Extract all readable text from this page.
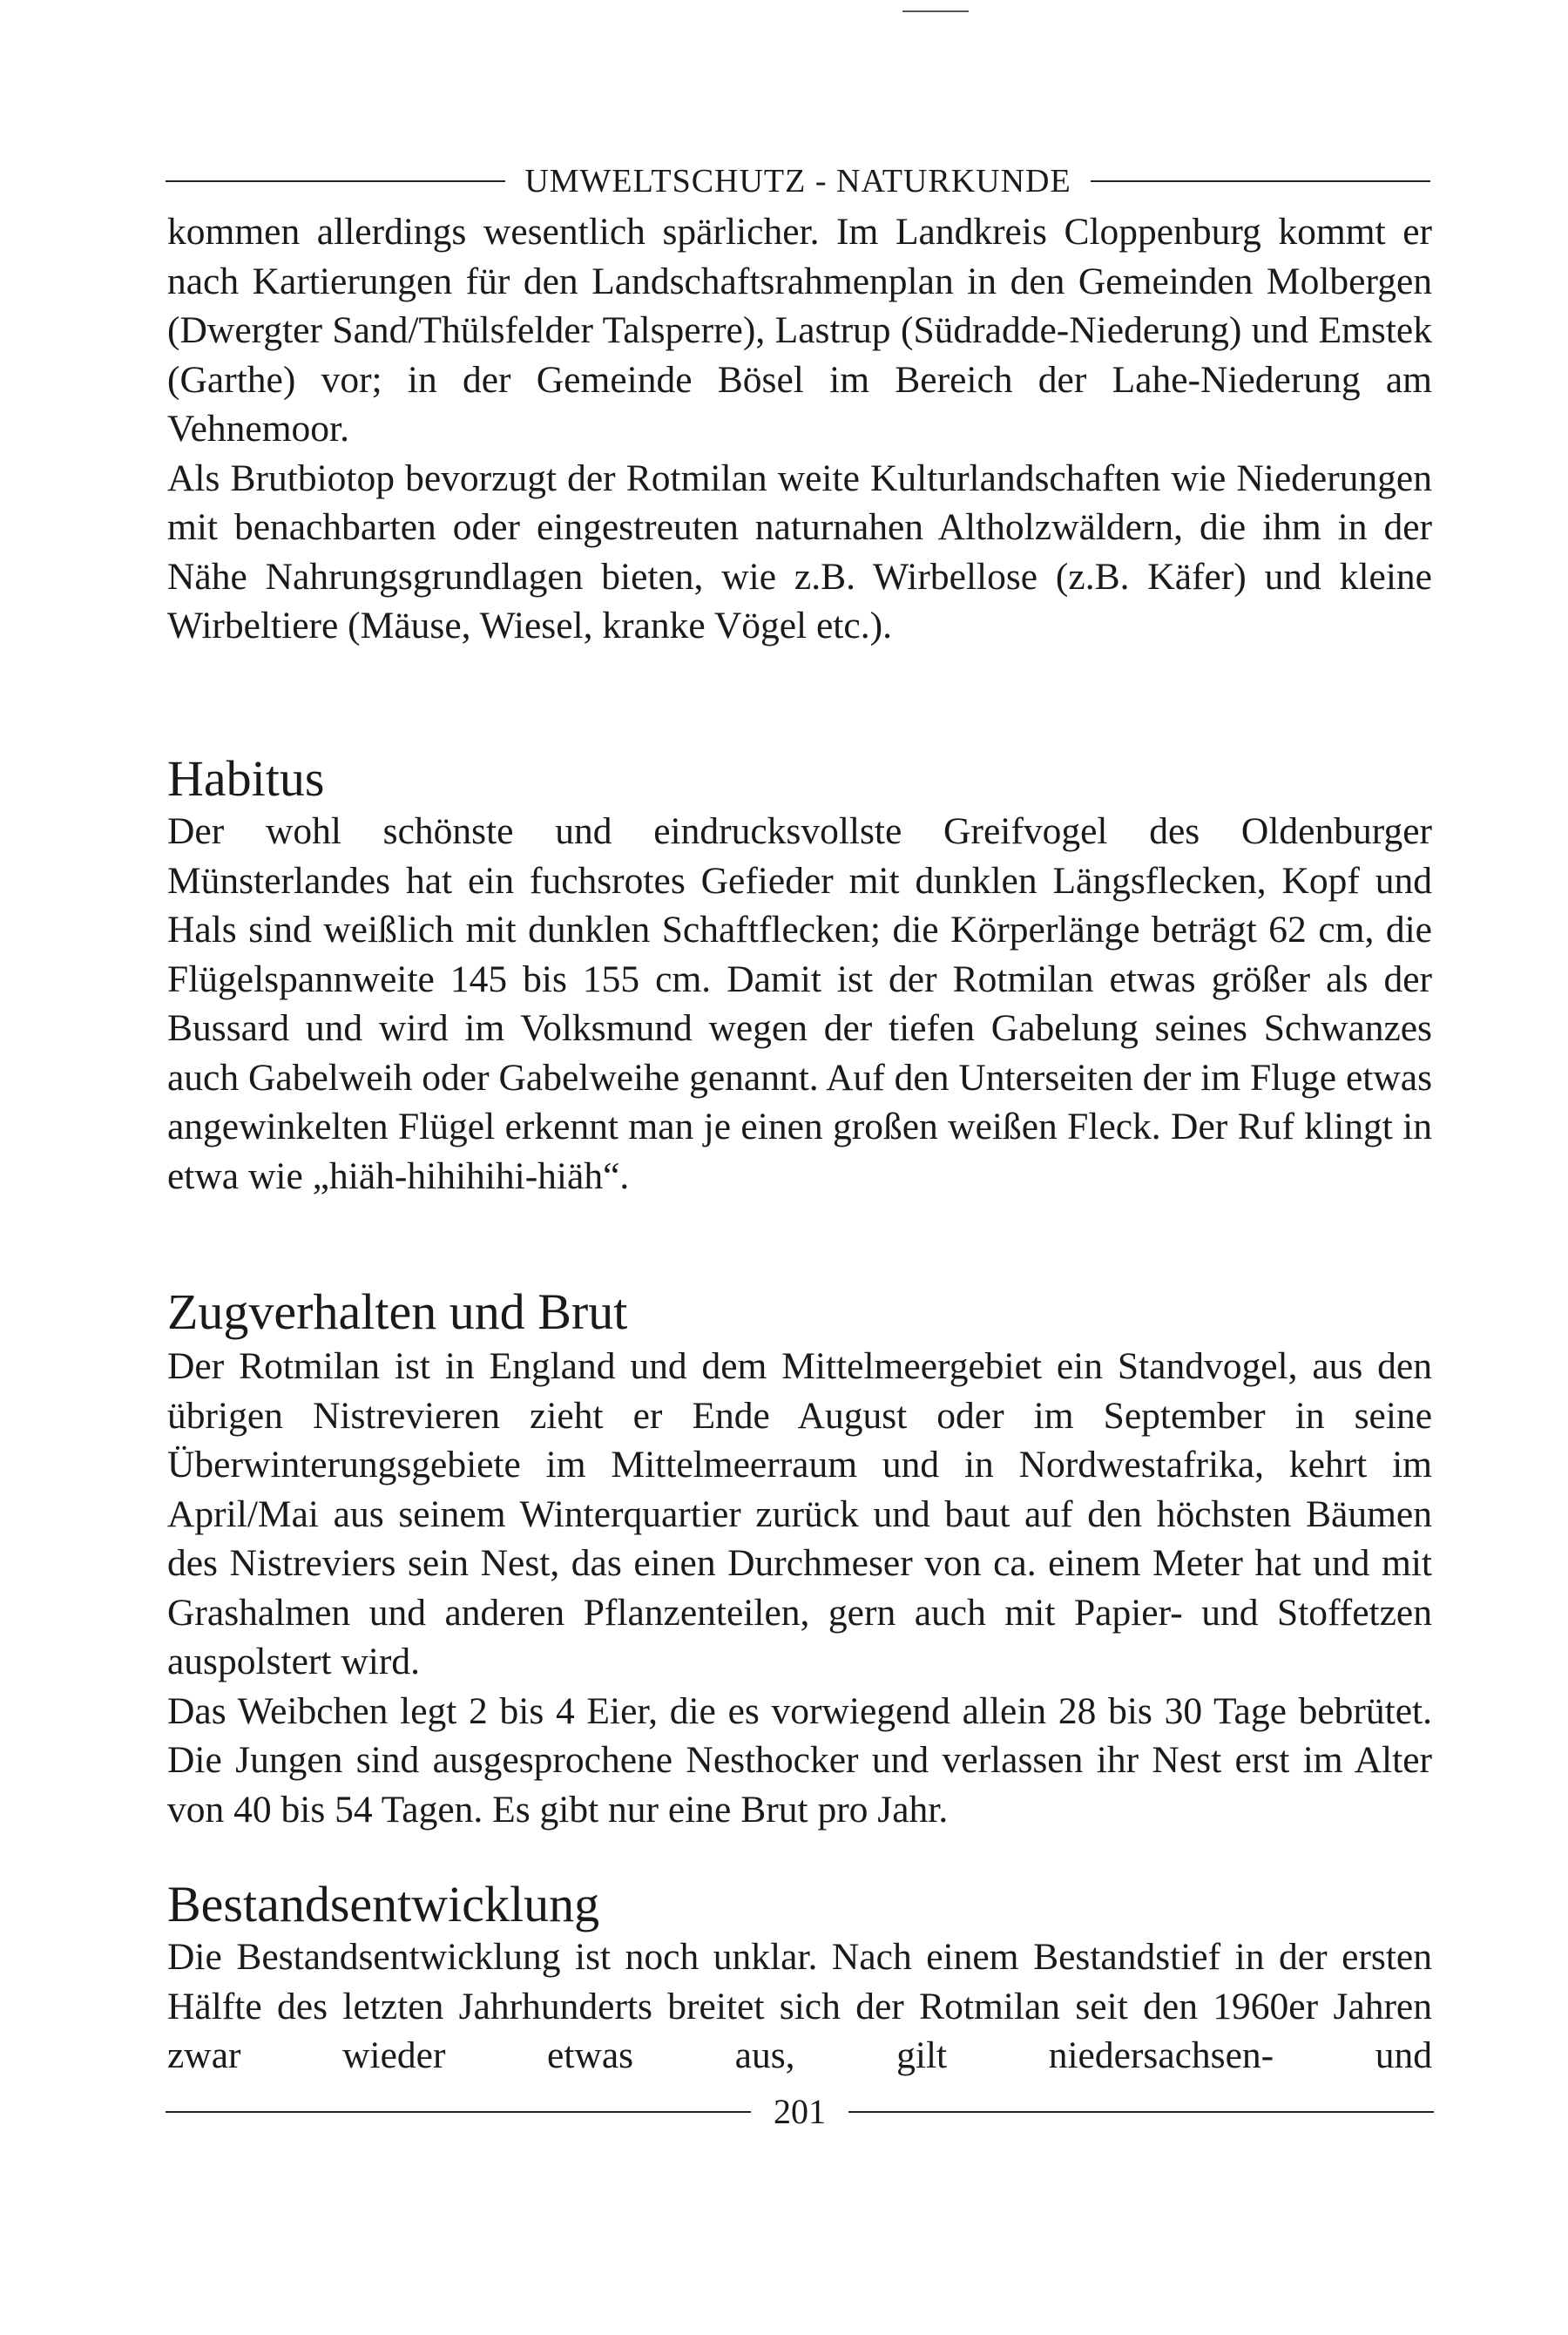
UMWELTSCHUTZ - NATURKUNDE

kommen allerdings wesentlich spärlicher. Im Landkreis Cloppenburg kommt er nach Kartierungen für den Landschaftsrahmenplan in den Gemeinden Molbergen (Dwergter Sand/Thülsfelder Talsperre), Lastrup (Südradde-Niederung) und Emstek (Garthe) vor; in der Gemeinde Bösel im Bereich der Lahe-Niederung am Vehnemoor.

Als Brutbiotop bevorzugt der Rotmilan weite Kulturlandschaften wie Niederungen mit benachbarten oder eingestreuten naturnahen Altholzwäldern, die ihm in der Nähe Nahrungsgrundlagen bieten, wie z.B. Wirbellose (z.B. Käfer) und kleine Wirbeltiere (Mäuse, Wiesel, kranke Vögel etc.).

Habitus

Der wohl schönste und eindrucksvollste Greifvogel des Oldenburger Münsterlandes hat ein fuchsrotes Gefieder mit dunklen Längsflecken, Kopf und Hals sind weißlich mit dunklen Schaftflecken; die Körperlänge beträgt 62 cm, die Flügelspannweite 145 bis 155 cm. Damit ist der Rotmilan etwas größer als der Bussard und wird im Volksmund wegen der tiefen Gabelung seines Schwanzes auch Gabelweih oder Gabelweihe genannt. Auf den Unterseiten der im Fluge etwas angewinkelten Flügel erkennt man je einen großen weißen Fleck. Der Ruf klingt in etwa wie „hiäh-hihihihi-hiäh“.

Zugverhalten und Brut

Der Rotmilan ist in England und dem Mittelmeergebiet ein Standvogel, aus den übrigen Nistrevieren zieht er Ende August oder im September in seine Überwinterungsgebiete im Mittelmeerraum und in Nordwestafrika, kehrt im April/Mai aus seinem Winterquartier zurück und baut auf den höchsten Bäumen des Nistreviers sein Nest, das einen Durchmeser von ca. einem Meter hat und mit Grashalmen und anderen Pflanzenteilen, gern auch mit Papier- und Stoffetzen auspolstert wird.

Das Weibchen legt 2 bis 4 Eier, die es vorwiegend allein 28 bis 30 Tage bebrütet. Die Jungen sind ausgesprochene Nesthocker und verlassen ihr Nest erst im Alter von 40 bis 54 Tagen. Es gibt nur eine Brut pro Jahr.

Bestandsentwicklung

Die Bestandsentwicklung ist noch unklar. Nach einem Bestandstief in der ersten Hälfte des letzten Jahrhunderts breitet sich der Rotmilan seit den 1960er Jahren zwar wieder etwas aus, gilt niedersachsen- und

201
